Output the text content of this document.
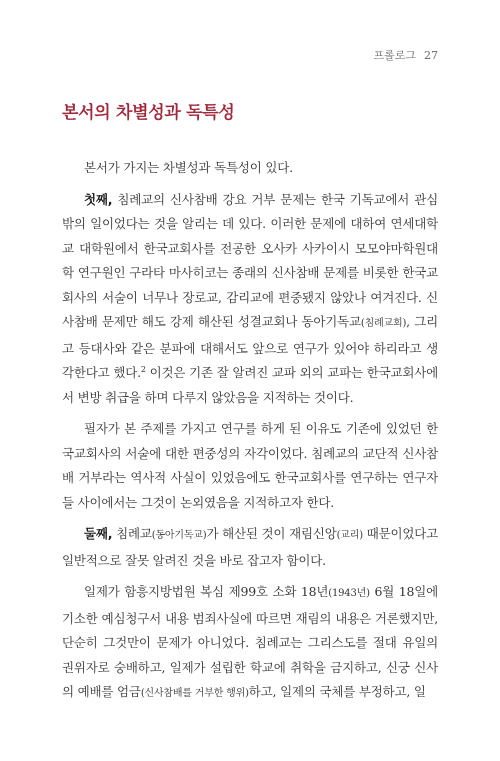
프롤로그 27
본서의 차별성과 독특성

본서가 가지는 차별성과 독특성이 있다.

첫째, 침례교의 신사참배 강요 거부 문제는 한국 기독교에서 관심 밖의 일이었다는 것을 알리는 데 있다. 이러한 문제에 대하여 연세대학교 대학원에서 한국교회사를 전공한 오사카 사카이시 모모야마학원대학 연구원인 구라타 마사히코는 종래의 신사참배 문제를 비롯한 한국교회사의 서술이 너무나 장로교, 감리교에 편중됐지 않았나 여겨진다. 신사참배 문제만 해도 강제 해산된 성결교회나 동아기독교(침례교회), 그리고 등대사와 같은 분파에 대해서도 앞으로 연구가 있어야 하리라고 생각한다고 했다.$^2$ 이것은 기존 잘 알려진 교파 외의 교파는 한국교회사에서 변방 취급을 하며 다루지 않았음을 지적하는 것이다.

필자가 본 주제를 가지고 연구를 하게 된 이유도 기존에 있었던 한국교회사의 서술에 대한 편중성의 자각이었다. 침례교의 교단적 신사참배 거부라는 역사적 사실이 있었음에도 한국교회사를 연구하는 연구자들 사이에서는 그것이 논외였음을 지적하고자 한다.

둘째, 침례교(동아기독교)가 해산된 것이 재림신앙(교리) 때문이었다고 일반적으로 잘못 알려진 것을 바로 잡고자 함이다.

일제가 함흥지방법원 복심 제99호 소화 18년(1943년) 6월 18일에 기소한 예심청구서 내용 범죄사실에 따르면 재림의 내용은 거론했지만, 단순히 그것만이 문제가 아니었다. 침례교는 그리스도를 절대 유일의 권위자로 숭배하고, 일제가 설립한 학교에 취학을 금지하고, 신궁 신사의 예배를 엄금(신사참배를 거부한 행위)하고, 일제의 국체를 부정하고, 일
